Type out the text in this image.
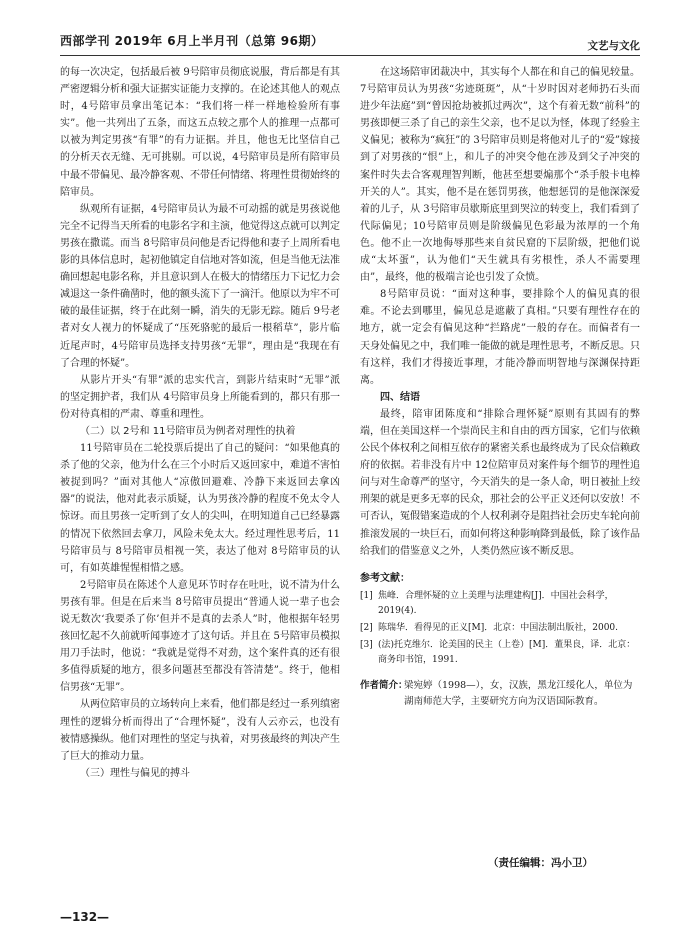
西部学刊 2019年 6月上半月刊（总第 96期）	文艺与文化

的每一次决定，包括最后被 9号陪审员彻底说服，背后都是有其严密逻辑分析和强大证据实证能力支撑的。在论述其他人的观点时，4号陪审员拿出笔记本：“我们将一样一样地检验所有事实”。他一共列出了五条，而这五点较之那个人的推理一点都可以被为判定男孩“有罪”的有力证据。并且，他也无比坚信自己的分析天衣无缝、无可挑剔。可以说，4号陪审员是所有陪审员中最不带偏见、最冷静客观、不带任何情绪、将理性贯彻始终的陪审员。

纵观所有证据，4号陪审员认为最不可动摇的就是男孩说他完全不记得当天所看的电影名字和主演，他觉得这点就可以判定男孩在撒谎。而当 8号陪审员问他是否记得他和妻子上周所看电影的具体信息时，起初他镇定自信地对答如流，但是当他无法准确回想起电影名称，并且意识到人在极大的情绪压力下记忆力会减退这一条件确凿时，他的额头流下了一滴汗。他原以为牢不可破的最佳证据，终于在此刻一瞬，消失的无影无踪。随后 9号老者对女人视力的怀疑成了“压死骆驼的最后一根稻草”，影片临近尾声时，4号陪审员选择支持男孩“无罪”，理由是“我现在有了合理的怀疑”。

从影片开头“有罪”派的忠实代言，到影片结束时“无罪”派的坚定拥护者，我们从 4号陪审员身上所能看到的，都只有那一份对待真相的严肃、尊重和理性。

（二）以 2号和 11号陪审员为例者对理性的执着

11号陪审员在二轮投票后提出了自己的疑问：“如果他真的杀了他的父亲，他为什么在三个小时后又返回家中，难道不害怕被捉到吗？”面对其他人“凉傲回避难、冷静下来返回去拿凶器”的说法，他对此表示质疑，认为男孩冷静的程度不免太令人惊讶。而且男孩一定听到了女人的尖叫，在明知道自己已经暴露的情况下依然回去拿刀，风险未免太大。经过理性思考后，11号陪审员与 8号陪审员相视一笑，表达了他对 8号陪审员的认可，有如英雄惺惺相惜之感。

2号陪审员在陈述个人意见环节时存在吐吐，说不清为什么男孩有罪。但是在后来当 8号陪审员提出“普通人说一辈子也会说无数次‘我要杀了你’但并不是真的去杀人”时，他根据年轻男孩回忆起不久前就听闻事迹才了这句话。并且在 5号陪审员模拟用刀手法时，他说：“我就是觉得不对劲，这个案件真的还有很多值得质疑的地方，很多问题甚至都没有答清楚”。终于，他相信男孩“无罪”。

从两位陪审员的立场转向上来看，他们都是经过一系列缜密理性的逻辑分析而得出了“合理怀疑”，没有人云亦云，也没有被情感操纵。他们对理性的坚定与执着，对男孩最终的判决产生了巨大的推动力量。

（三）理性与偏见的搏斗

在这场陪审团裁决中，其实每个人都在和自己的偏见较量。7号陪审员认为男孩“劣迹斑斑”，从“十岁时因对老师扔石头而进少年法庭”到“曾因抢劫被抓过两次”，这个有着无数“前科”的男孩即便三杀了自己的亲生父亲，也不足以为怪，体现了经验主义偏见；被称为“疯狂”的 3号陪审员则是将他对儿子的“爱”嫁接到了对男孩的“恨”上，和儿子的冲突令他在涉及到父子冲突的案件时失去合客观理智判断，他甚至想要煽那个“杀手般卡电棒开关的人”。其实，他不是在惩罚男孩，他想惩罚的是他深深爱着的儿子，从 3号陪审员歇斯底里到哭泣的转变上，我们看到了代际偏见；10号陪审员则是阶级偏见色彩最为浓厚的一个角色。他不止一次地侮辱那些来自贫民窟的下层阶级，把他们说成“太坏蛋”，认为他们“天生就具有劣根性，杀人不需要理由”，最终，他的极端言论也引发了众愤。

8号陪审员说：“面对这种事，要排除个人的偏见真的很难。不论去到哪里，偏见总是遮蔽了真相。”只要有理性存在的地方，就一定会有偏见这种“拦路虎”一般的存在。而偏者有一天身处偏见之中，我们唯一能做的就是理性思考，不断反思。只有这样，我们才得接近事理，才能冷静而明智地与深渊保持距离。

四、结语

最终，陪审团陈度和“排除合理怀疑”原则有其固有的弊端，但在美国这样一个崇尚民主和自由的西方国家，它们与依赖公民个体权利之间相互依存的紧密关系也最终成为了民众信赖政府的依据。若非没有片中 12位陪审员对案件每个细节的理性追问与对生命尊严的坚守，今天消失的是一条人命，明日被扯上绞刑架的就是更多无辜的民众，那社会的公平正义还何以安放！不可否认，冤假错案造成的个人权利剥夺是阻挡社会历史车轮向前推滚发展的一块巨石，而如何将这种影响降到最低，除了该作品给我们的借鉴意义之外，人类仍然应该不断反思。

参考文献：

[1] 焦峰．合理怀疑的立上美理与法理建构[J]．中国社会科学，2019(4).

[2] 陈瑞华．看得见的正义[M]．北京：中国法制出版社，2000.

[3] (法)托克维尔．论美国的民主（上卷）[M]．董果良，译．北京：商务印书馆，1991.

作者简介：
梁宛婷（1998—），女，汉族，黑龙江绥化人，单位为湖南师范大学，主要研究方向为汉语国际教育。

（责任编辑：冯小卫）
—132—
